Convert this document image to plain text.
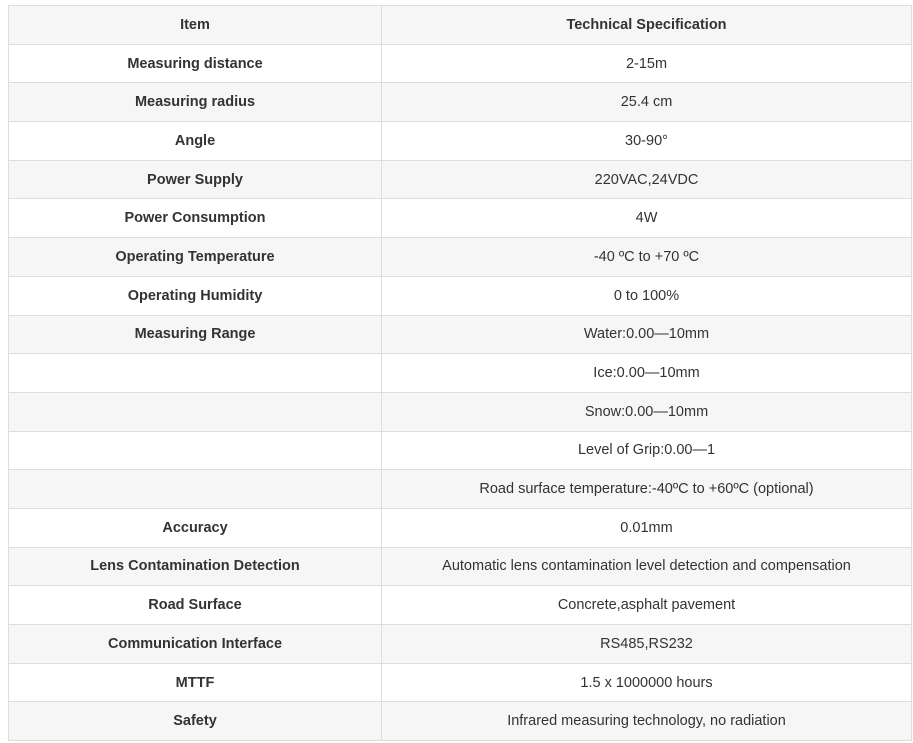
Item	Technical Specification
Measuring distance	2-15m
Measuring radius	25.4 cm
Angle	30-90°
Power Supply	220VAC,24VDC
Power Consumption	4W
Operating Temperature	-40 ºC to +70 ºC
Operating Humidity	0 to 100%
Measuring Range	Water:0.00—10mm
	Ice:0.00—10mm
	Snow:0.00—10mm
	Level of Grip:0.00—1
	Road surface temperature:-40ºC to +60ºC (optional)
Accuracy	0.01mm
Lens Contamination Detection	Automatic lens contamination level detection and compensation
Road Surface	Concrete,asphalt pavement
Communication Interface	RS485,RS232
MTTF	1.5 x 1000000 hours
Safety	Infrared measuring technology, no radiation
